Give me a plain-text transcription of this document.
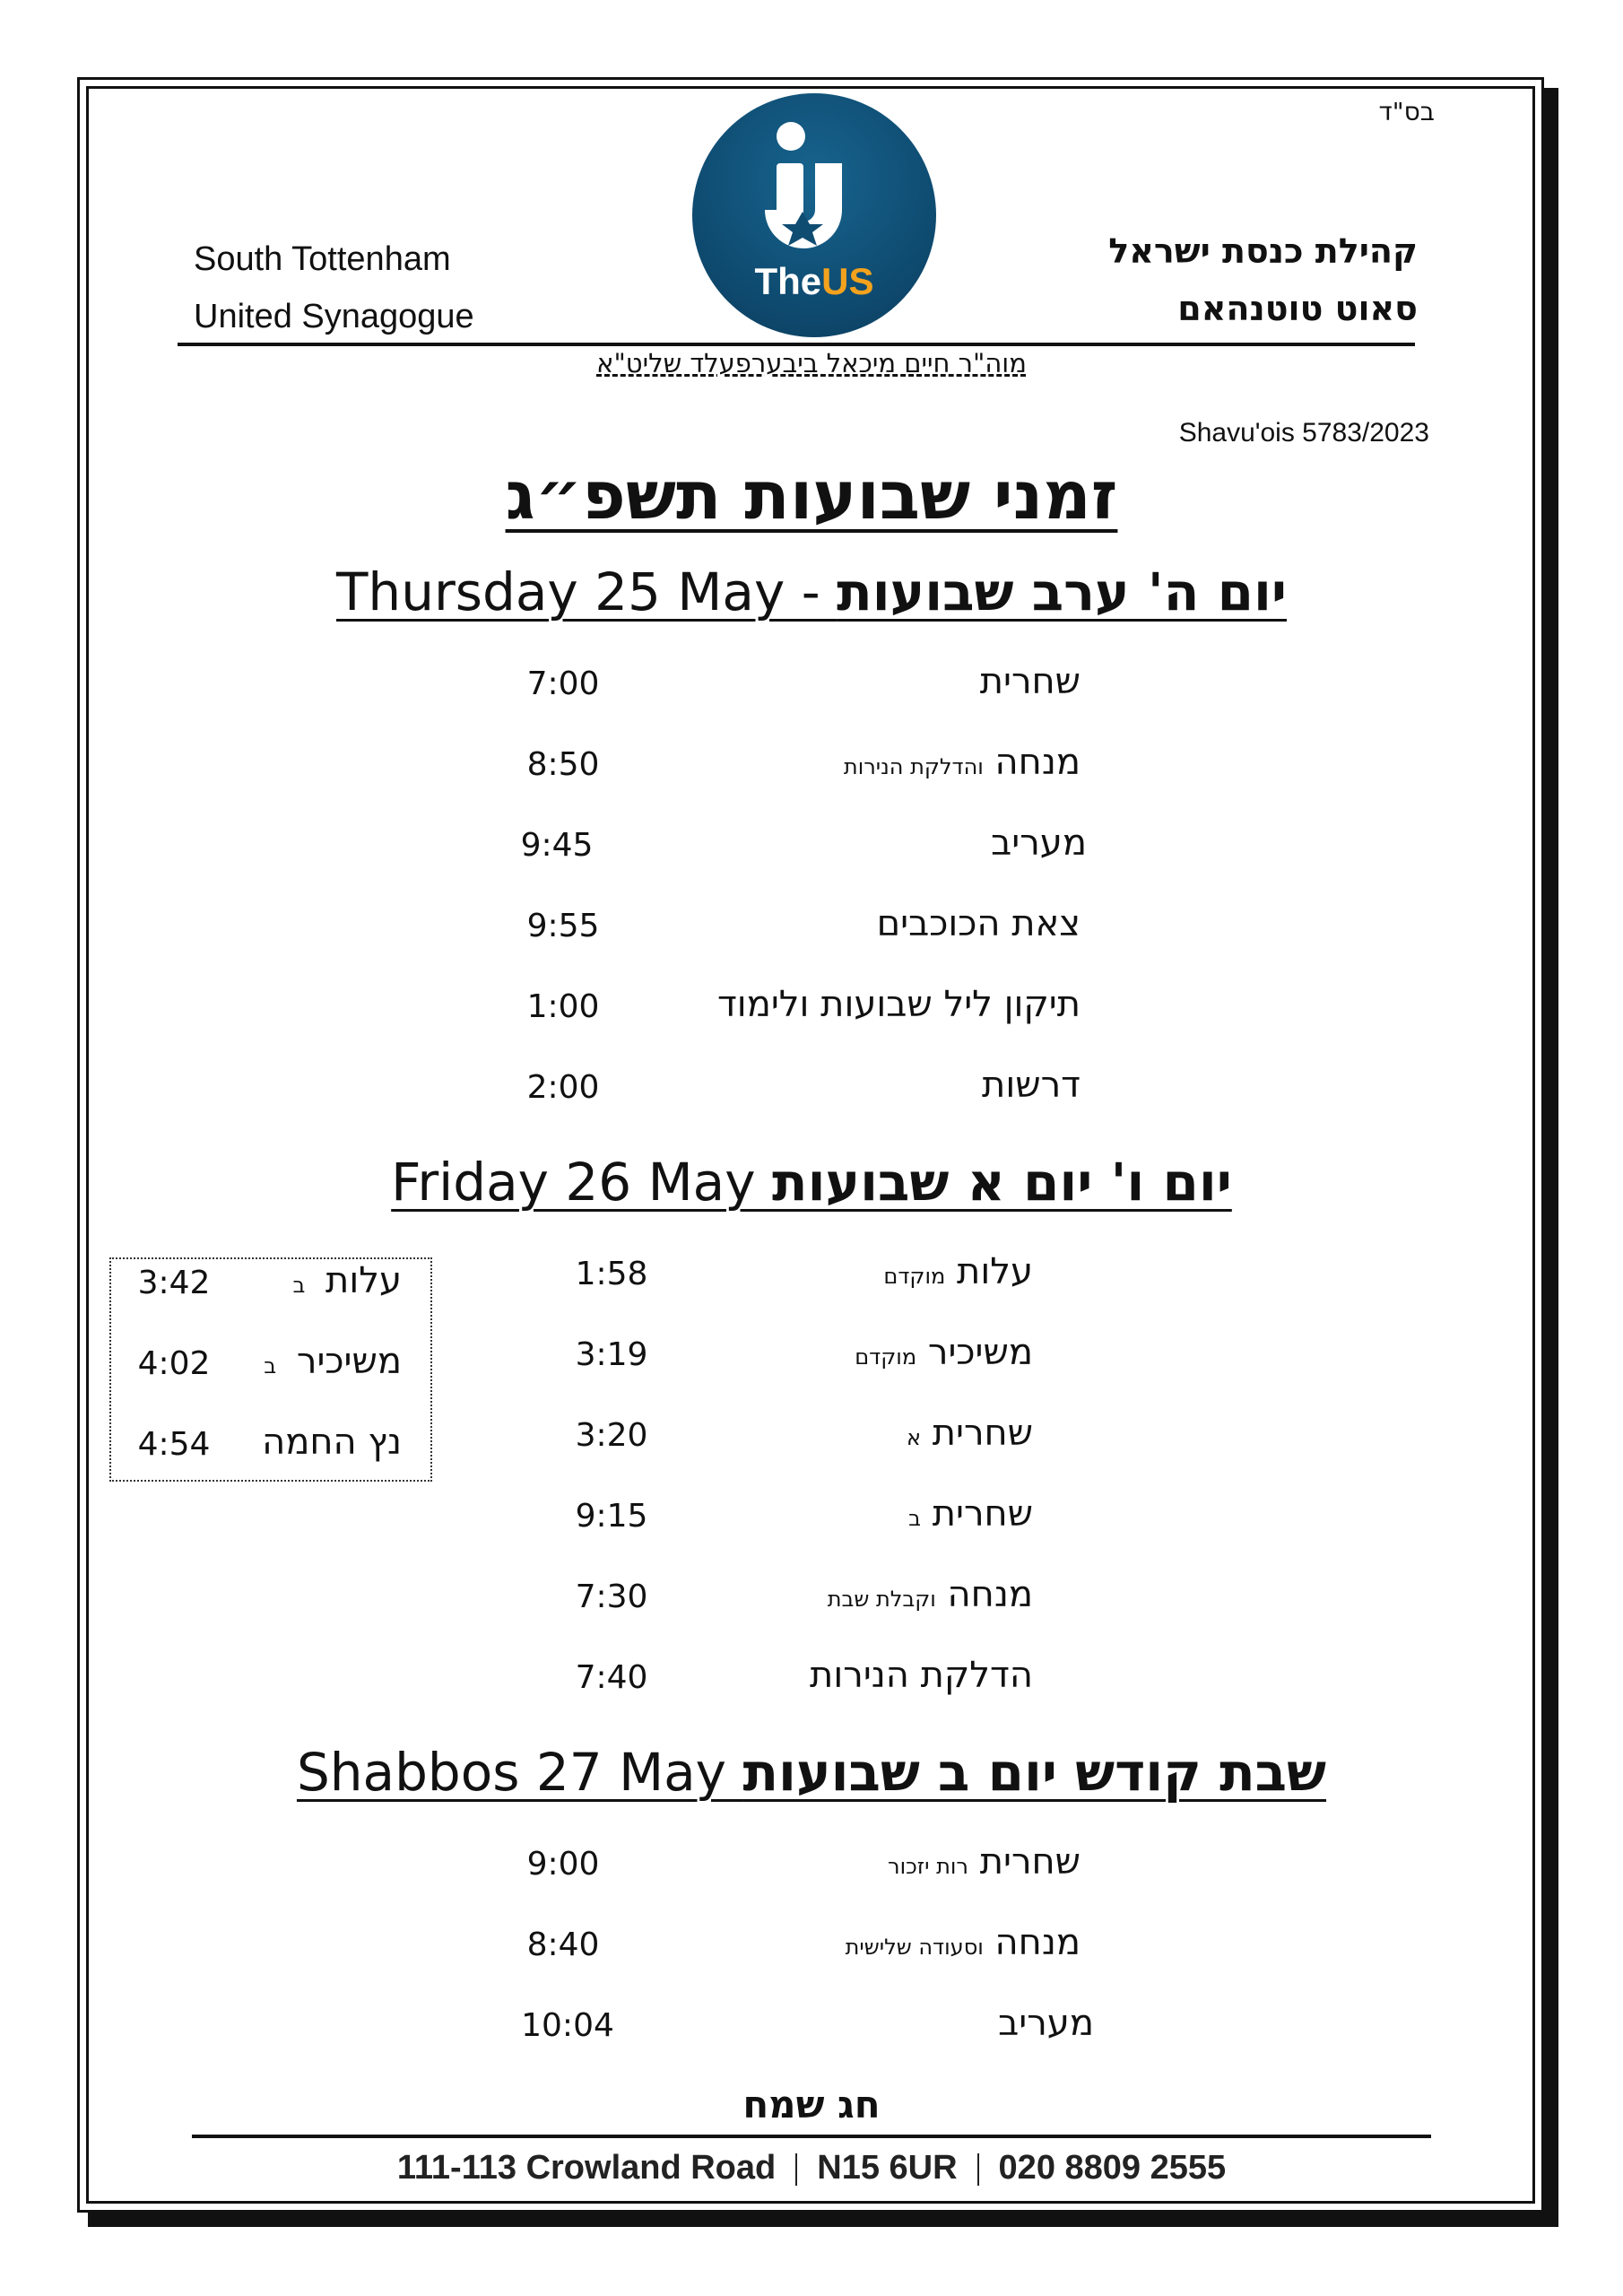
בס"ד
South Tottenham
United Synagogue
קהילת כנסת ישראל
סאוט טוטנהאם
TheUS
מוה"ר חיים מיכאל ביבערפעלד שליט"א
Shavu'ois 5783/2023
זמני שבועות תשפ״ג
Thursday 25 May - יום ה' ערב שבועות
שחרית
7:00
מנחה והדלקת הנירות
8:50
מעריב
9:45
צאת הכוכבים
9:55
תיקון ליל שבועות ולימוד
1:00
דרשות
2:00
Friday 26 May יום ו' יום א שבועות
עלות מוקדם
1:58
משיכיר מוקדם
3:19
שחרית א
3:20
שחרית ב
9:15
מנחה וקבלת שבת
7:30
הדלקת הנירות
7:40
עלות ב
3:42
משיכיר ב
4:02
נץ החמה
4:54
Shabbos 27 May שבת קודש יום ב שבועות
שחרית רות יזכור
9:00
מנחה וסעודה שלישית
8:40
מעריב
10:04
חג שמח
111-113 Crowland Road N15 6UR 020 8809 2555
